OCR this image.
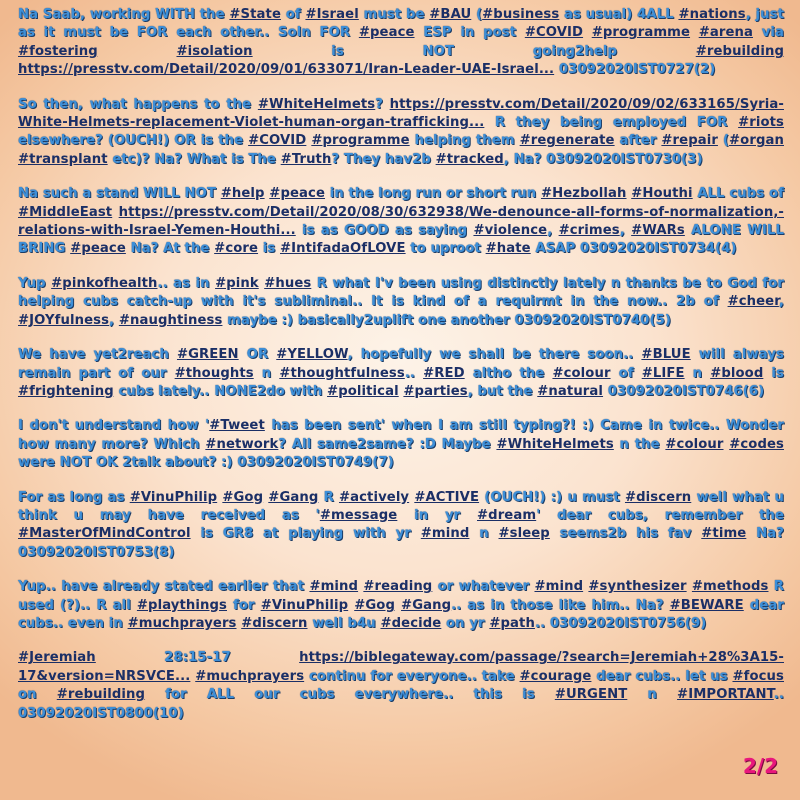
Na Saab, working WITH the #State of #Israel must be #BAU (#business as usual) 4ALL #nations, just as it must be FOR each other.. Soln FOR #peace ESP in post #COVID #programme #arena via #fostering	#isolation is NOT going2help #rebuilding https://presstv.com/Detail/2020/09/01/633071/Iran-Leader-UAE-Israel... 03092020IST0727(2)

So then, what happens to the #WhiteHelmets? https://presstv.com/Detail/2020/09/02/633165/Syria-White-Helmets-replacement-Violet-human-organ-trafficking... R they being employed FOR #riots elsewhere? (OUCH!) OR is the #COVID #programme helping them #regenerate after #repair (#organ #transplant etc)? Na? What is The #Truth? They hav2b #tracked, Na? 03092020IST0730(3)

Na such a stand WILL NOT #help #peace in the long run or short run #Hezbollah #Houthi ALL cubs of #MiddleEast https://presstv.com/Detail/2020/08/30/632938/We-denounce-all-forms-of-normalization,-relations-with-Israel-Yemen-Houthi... is as GOOD as saying #violence, #crimes, #WARs ALONE WILL BRING #peace Na? At the #core is #IntifadaOfLOVE to uproot #hate ASAP 03092020IST0734(4)

Yup #pinkofhealth.. as in #pink #hues R what I'v been using distinctly lately n thanks be to God for helping cubs catch-up with it's subliminal.. It is kind of a requirmt in the now.. 2b of #cheer, #JOYfulness, #naughtiness maybe :) basically2uplift one another 03092020IST0740(5)

We have yet2reach #GREEN OR #YELLOW, hopefully we shall be there soon.. #BLUE will always remain part of our #thoughts n #thoughtfulness.. #RED altho the #colour of #LIFE n #blood is #frightening cubs lately.. NONE2do with #political #parties, but the #natural 03092020IST0746(6)

I don't understand how '#Tweet has been sent' when I am still typing?! :) Came in twice.. Wonder how many more? Which #network? All same2same? :D Maybe #WhiteHelmets n the #colour #codes were NOT OK 2talk about? :) 03092020IST0749(7)

For as long as #VinuPhilip #Gog #Gang R #actively #ACTIVE (OUCH!) :) u must #discern well what u think u may have received as '#message in yr #dream' dear cubs, remember the #MasterOfMindControl is GR8 at playing with yr #mind n #sleep seems2b his fav #time Na? 03092020IST0753(8)

Yup.. have already stated earlier that #mind #reading or whatever #mind #synthesizer #methods R used (?).. R all #playthings for #VinuPhilip #Gog #Gang.. as in those like him.. Na? #BEWARE dear cubs.. even in #muchprayers #discern well b4u #decide on yr #path.. 03092020IST0756(9)

#Jeremiah 28:15-17 https://biblegateway.com/passage/?search=Jeremiah+28%3A15-17&version=NRSVCE... #muchprayers continu for everyone.. take #courage dear cubs.. let us #focus on #rebuilding for ALL our cubs everywhere.. this is #URGENT n #IMPORTANT.. 03092020IST0800(10)

2/2
